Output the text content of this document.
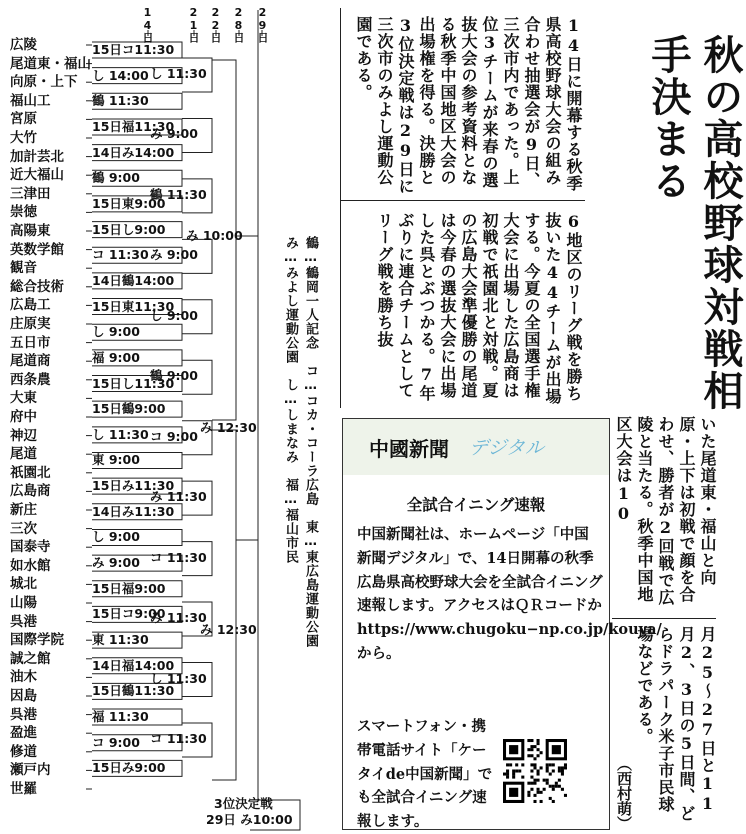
14日	21日 22日 28日 29日
広陵
尾道東・福山
向原・上下
福山工
宮原
大竹
加計芸北
近大福山
三津田
崇徳
高陽東
英数学館
観音
総合技術
広島工
庄原実
五日市
尾道商
西条農
大東
府中
神辺
尾道
祇園北
広島商
新庄
三次
国泰寺
如水館
城北
山陽
呉港
国際学院
誠之館
油木
因島
呉港
盈進
修道
瀬戸内
世羅
15日コ11:30
し 14:00
鶴 11:30
15日福11:30
14日み14:00
鶴 9:00
15日東9:00
15日し9:00
コ 11:30
14日鶴14:00
15日東11:30
し 9:00
福 9:00
15日し11:30
15日鶴9:00
し 11:30
東 9:00
15日み11:30
14日み11:30
し 9:00
み 9:00
15日福9:00
15日コ9:00
東 11:30
14日福14:00
15日鶴11:30
福 11:30
コ 9:00
15日み9:00
し 11:30
み 9:00
鶴 11:30
み 9:00
し 9:00
鶴 9:00
コ 9:00
み 11:30
コ 11:30
み 11:30
し 11:30
コ 11:30
み 10:00
み 12:30
み 12:30	鶴…鶴岡一人記念　コ…コカ・コーラ広島　東…東広島運動公園
み…みよし運動公園　し…しまなみ　福…福山市民
3位決定戦
29日 み10:00
秋の高校野球対戦相手決まる
14日に開幕する秋季県高校野球大会の組み合わせ抽選会が9日、三次市内であった。上位3チームが来春の選抜大会の参考資料となる秋季中国地区大会の出場権を得る。決勝と3位決定戦は29日に三次市のみよし運動公園である。
6地区のリーグ戦を勝ち抜いた44チームが出場する。今夏の全国選手権大会に出場した広島商は初戦で祇園北と対戦。夏の広島大会準優勝の尾道は今春の選抜大会に出場した呉とぶつかる。7年ぶりに連合チームとしてリーグ戦を勝ち抜
いた尾道東・福山と向原・上下は初戦で顔を合わせ、勝者が2回戦で広陵と当たる。秋季中国地区大会は10
月25〜27日と11月2、3日の5日間、どらドラパーク米子市民球場などである。
（西村萌）
中國新聞 デジタル
全試合イニング速報
中国新聞社は、ホームページ「中国新聞デジタル」で、14日開幕の秋季広島県高校野球大会を全試合イニング速報します。アクセスはＱＲコードかhttps://www.chugoku−np.co.jp/kouya/から。
スマートフォン・携帯電話サイト「ケータイde中国新聞」でも全試合イニング速報します。
